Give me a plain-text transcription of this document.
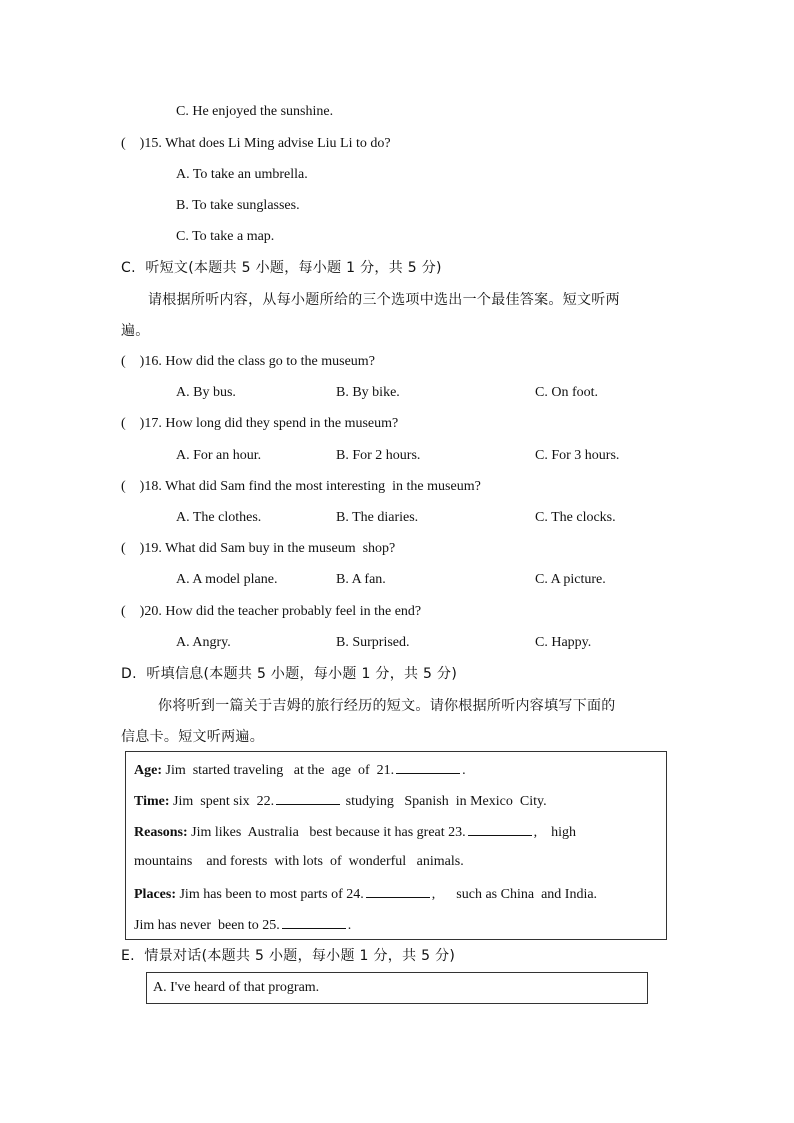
C. He enjoyed the sunshine.
(    )15. What does Li Ming advise Liu Li to do?
A. To take an umbrella.
B. To take sunglasses.
C. To take a map.
C.  听短文(本题共 5 小题，每小题 1 分，共 5 分)
请根据所听内容，从每小题所给的三个选项中选出一个最佳答案。短文听两
遍。
(    )16. How did the class go to the museum?
A. By bus.	B. By bike.	C. On foot.
(    )17. How long did they spend in the museum?
A. For an hour.	B. For 2 hours.	C. For 3 hours.
(    )18. What did Sam find the most interesting  in the museum?
A. The clothes.	B. The diaries.	C. The clocks.
(    )19. What did Sam buy in the museum  shop?
A. A model plane.	B. A fan.	C. A picture.
(    )20. How did the teacher probably feel in the end?
A. Angry.	B. Surprised.	C. Happy.
D.  听填信息(本题共 5 小题，每小题 1 分，共 5 分)
你将听到一篇关于吉姆的旅行经历的短文。请你根据所听内容填写下面的
信息卡。短文听两遍。
Age: Jim  started traveling   at the  age  of  21.	.
Time: Jim  spent six  22.	studying   Spanish  in Mexico  City.
Reasons: Jim likes  Australia   best because it has great 23.	,    high
mountains    and forests  with lots  of  wonderful   animals.
Places: Jim has been to most parts of 24.	,      such as China  and India.
Jim has never  been to 25.	.
E.  情景对话(本题共 5 小题，每小题 1 分，共 5 分)
A. I've heard of that program.
